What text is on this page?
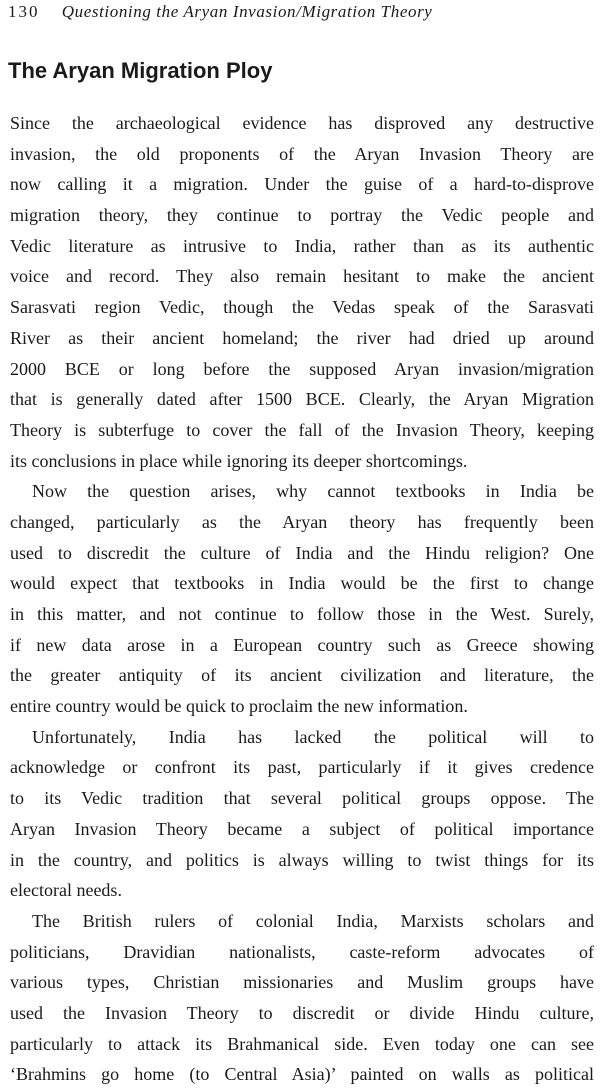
130 Questioning the Aryan Invasion/Migration Theory
The Aryan Migration Ploy
Since the archaeological evidence has disproved any destructive
invasion, the old proponents of the Aryan Invasion Theory are
now calling it a migration. Under the guise of a hard-to-disprove
migration theory, they continue to portray the Vedic people and
Vedic literature as intrusive to India, rather than as its authentic
voice and record. They also remain hesitant to make the ancient
Sarasvati region Vedic, though the Vedas speak of the Sarasvati
River as their ancient homeland; the river had dried up around
2000 BCE or long before the supposed Aryan invasion/migration
that is generally dated after 1500 BCE. Clearly, the Aryan Migration
Theory is subterfuge to cover the fall of the Invasion Theory, keeping
its conclusions in place while ignoring its deeper shortcomings.
Now the question arises, why cannot textbooks in India be
changed, particularly as the Aryan theory has frequently been
used to discredit the culture of India and the Hindu religion? One
would expect that textbooks in India would be the first to change
in this matter, and not continue to follow those in the West. Surely,
if new data arose in a European country such as Greece showing
the greater antiquity of its ancient civilization and literature, the
entire country would be quick to proclaim the new information.
Unfortunately, India has lacked the political will to
acknowledge or confront its past, particularly if it gives credence
to its Vedic tradition that several political groups oppose. The
Aryan Invasion Theory became a subject of political importance
in the country, and politics is always willing to twist things for its
electoral needs.
The British rulers of colonial India, Marxists scholars and
politicians, Dravidian nationalists, caste-reform advocates of
various types, Christian missionaries and Muslim groups have
used the Invasion Theory to discredit or divide Hindu culture,
particularly to attack its Brahmanical side. Even today one can see
‘Brahmins go home (to Central Asia)’ painted on walls as political
